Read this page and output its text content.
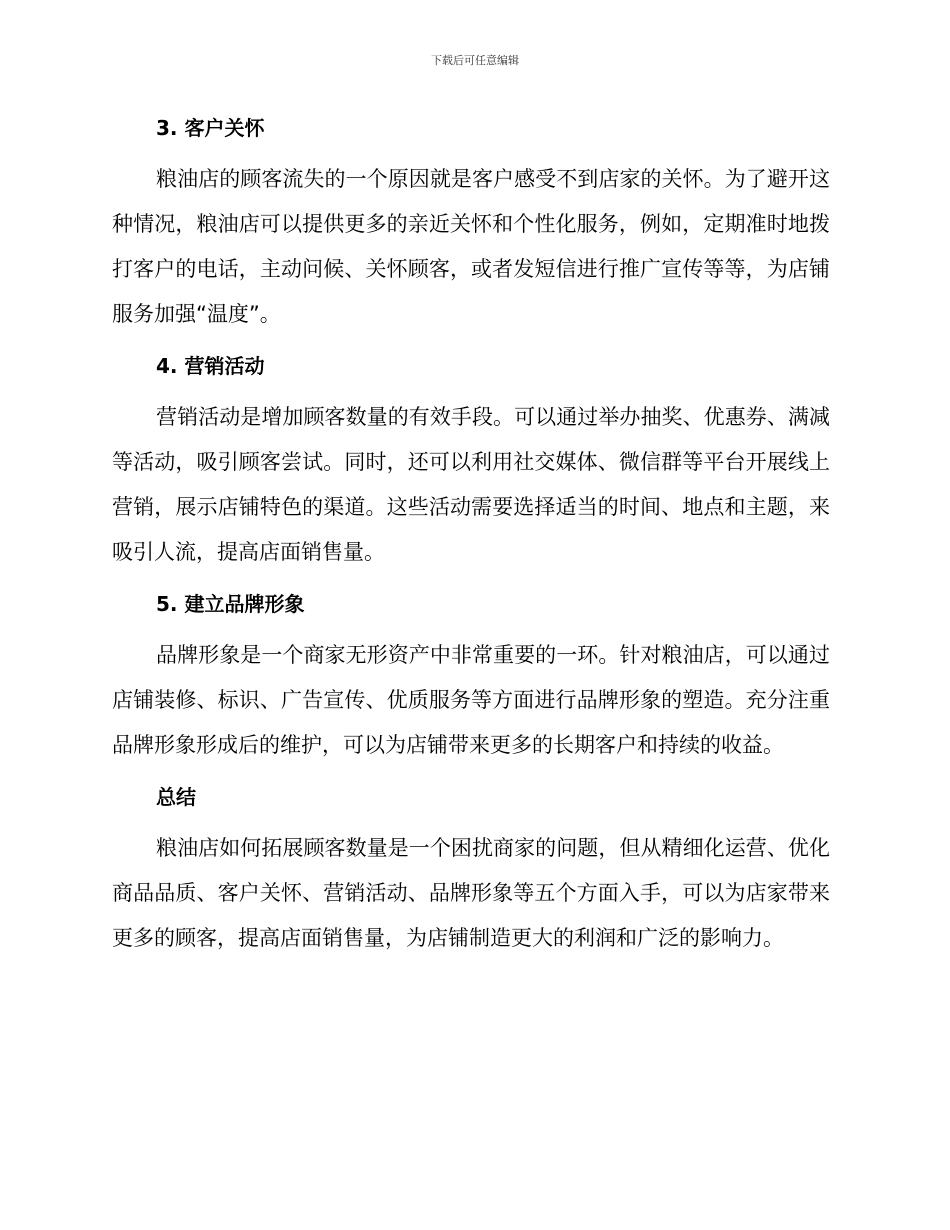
下载后可任意编辑
3. 客户关怀

粮油店的顾客流失的一个原因就是客户感受不到店家的关怀。为了避开这种情况，粮油店可以提供更多的亲近关怀和个性化服务，例如，定期准时地拨打客户的电话，主动问候、关怀顾客，或者发短信进行推广宣传等等，为店铺服务加强“温度”。

4. 营销活动

营销活动是增加顾客数量的有效手段。可以通过举办抽奖、优惠券、满减等活动，吸引顾客尝试。同时，还可以利用社交媒体、微信群等平台开展线上营销，展示店铺特色的渠道。这些活动需要选择适当的时间、地点和主题，来吸引人流，提高店面销售量。

5. 建立品牌形象

品牌形象是一个商家无形资产中非常重要的一环。针对粮油店，可以通过店铺装修、标识、广告宣传、优质服务等方面进行品牌形象的塑造。充分注重品牌形象形成后的维护，可以为店铺带来更多的长期客户和持续的收益。

总结

粮油店如何拓展顾客数量是一个困扰商家的问题，但从精细化运营、优化商品品质、客户关怀、营销活动、品牌形象等五个方面入手，可以为店家带来更多的顾客，提高店面销售量，为店铺制造更大的利润和广泛的影响力。
